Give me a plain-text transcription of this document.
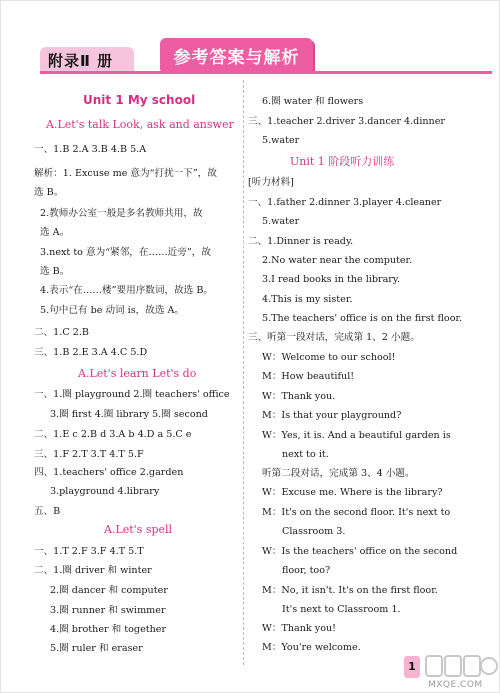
附录Ⅱ 册	参考答案与解析
Unit 1 My school
A.Let's talk Look, ask and answer
一、1.B 2.A 3.B 4.B 5.A
解析：1. Excuse me 意为“打扰一下”，故
选 B。
2.教师办公室一般是多名教师共用，故
选 A。
3.next to 意为“紧邻，在……近旁”，故
选 B。
4.表示“在……楼”要用序数词，故选 B。
5.句中已有 be 动词 is，故选 A。
二、1.C 2.B
三、1.B 2.E 3.A 4.C 5.D
A.Let's learn Let's do
一、1.圈 playground 2.圈 teachers' office
3.圈 first 4.圈 library 5.圈 second
二、1.E c 2.B d 3.A b 4.D a 5.C e
三、1.F 2.T 3.T 4.T 5.F
四、1.teachers' office 2.garden
3.playground 4.library
五、B
A.Let's spell
一、1.T 2.F 3.F 4.T 5.T
二、1.圈 driver 和 winter
2.圈 dancer 和 computer
3.圈 runner 和 swimmer
4.圈 brother 和 together
5.圈 ruler 和 eraser
6.圈 water 和 flowers
三、1.teacher 2.driver 3.dancer 4.dinner
5.water
Unit 1 阶段听力训练
[听力材料]
一、1.father 2.dinner 3.player 4.cleaner
5.water
二、1.Dinner is ready.
2.No water near the computer.
3.I read books in the library.
4.This is my sister.
5.The teachers' office is on the first floor.
三、听第一段对话，完成第 1、2 小题。
W：Welcome to our school!
M：How beautiful!
W：Thank you.
M：Is that your playground?
W：Yes, it is. And a beautiful garden is
next to it.
听第二段对话，完成第 3、4 小题。
W：Excuse me. Where is the library?
M：It's on the second floor. It's next to
Classroom 3.
W：Is the teachers' office on the second
floor, too?
M：No, it isn't. It's on the first floor.
It's next to Classroom 1.
W：Thank you!
M：You're welcome.
1
MXQE.COM
